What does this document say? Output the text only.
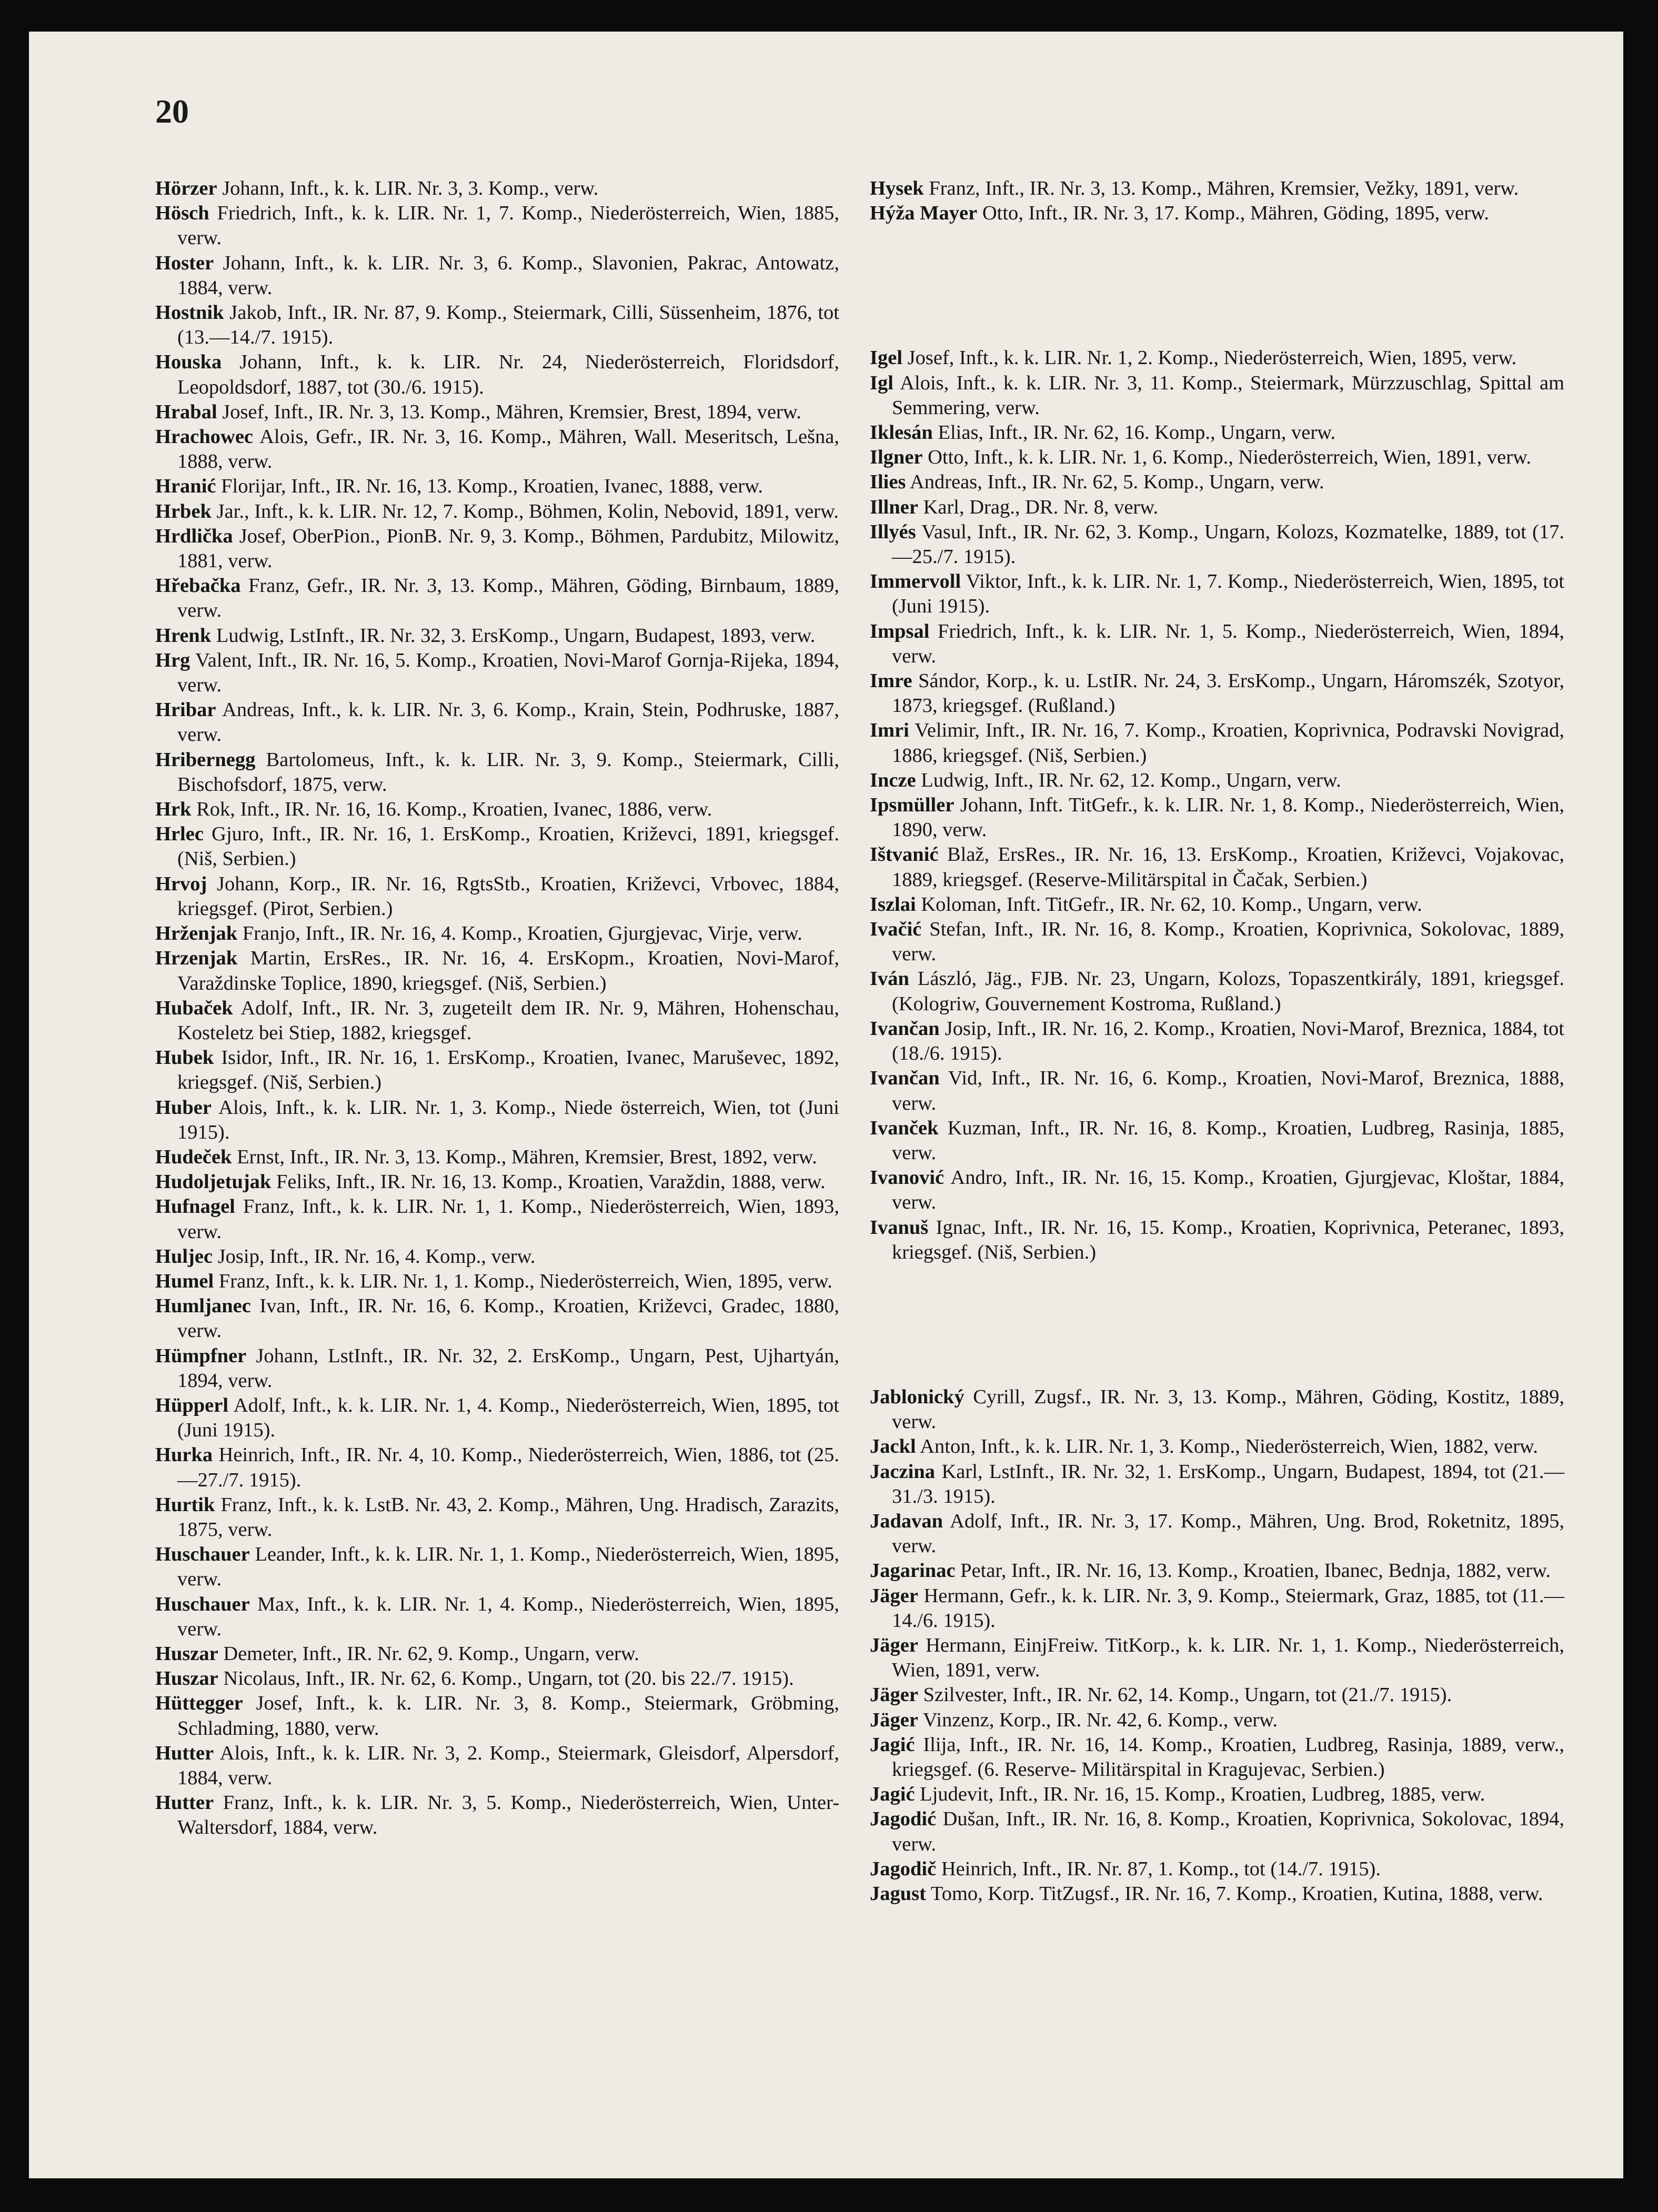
20
Hörzer Johann, Inft., k. k. LIR. Nr. 3, 3. Komp., verw.
Hösch Friedrich, Inft., k. k. LIR. Nr. 1, 7. Komp., Niederösterreich, Wien, 1885, verw.
Hoster Johann, Inft., k. k. LIR. Nr. 3, 6. Komp., Slavonien, Pakrac, Antowatz, 1884, verw.
Hostnik Jakob, Inft., IR. Nr. 87, 9. Komp., Steiermark, Cilli, Süssenheim, 1876, tot (13.—14./7. 1915).
Houska Johann, Inft., k. k. LIR. Nr. 24, Niederösterreich, Floridsdorf, Leopoldsdorf, 1887, tot (30./6. 1915).
Hrabal Josef, Inft., IR. Nr. 3, 13. Komp., Mähren, Kremsier, Brest, 1894, verw.
Hrachowec Alois, Gefr., IR. Nr. 3, 16. Komp., Mähren, Wall. Meseritsch, Lešna, 1888, verw.
Hranić Florijar, Inft., IR. Nr. 16, 13. Komp., Kroatien, Ivanec, 1888, verw.
Hrbek Jar., Inft., k. k. LIR. Nr. 12, 7. Komp., Böhmen, Kolin, Nebovid, 1891, verw.
Hrdlička Josef, OberPion., PionB. Nr. 9, 3. Komp., Böhmen, Pardubitz, Milowitz, 1881, verw.
Hřebačka Franz, Gefr., IR. Nr. 3, 13. Komp., Mähren, Göding, Birnbaum, 1889, verw.
Hrenk Ludwig, LstInft., IR. Nr. 32, 3. ErsKomp., Ungarn, Budapest, 1893, verw.
Hrg Valent, Inft., IR. Nr. 16, 5. Komp., Kroatien, Novi-Marof Gornja-Rijeka, 1894, verw.
Hribar Andreas, Inft., k. k. LIR. Nr. 3, 6. Komp., Krain, Stein, Podhruske, 1887, verw.
Hribernegg Bartolomeus, Inft., k. k. LIR. Nr. 3, 9. Komp., Steiermark, Cilli, Bischofsdorf, 1875, verw.
Hrk Rok, Inft., IR. Nr. 16, 16. Komp., Kroatien, Ivanec, 1886, verw.
Hrlec Gjuro, Inft., IR. Nr. 16, 1. ErsKomp., Kroatien, Križevci, 1891, kriegsgef. (Niš, Serbien.)
Hrvoj Johann, Korp., IR. Nr. 16, RgtsStb., Kroatien, Križevci, Vrbovec, 1884, kriegsgef. (Pirot, Serbien.)
Hrženjak Franjo, Inft., IR. Nr. 16, 4. Komp., Kroatien, Gjurgjevac, Virje, verw.
Hrzenjak Martin, ErsRes., IR. Nr. 16, 4. ErsKopm., Kroatien, Novi-Marof, Varaždinske Toplice, 1890, kriegsgef. (Niš, Serbien.)
Hubaček Adolf, Inft., IR. Nr. 3, zugeteilt dem IR. Nr. 9, Mähren, Hohenschau, Kosteletz bei Stiep, 1882, kriegsgef.
Hubek Isidor, Inft., IR. Nr. 16, 1. ErsKomp., Kroatien, Ivanec, Maruševec, 1892, kriegsgef. (Niš, Serbien.)
Huber Alois, Inft., k. k. LIR. Nr. 1, 3. Komp., Niede österreich, Wien, tot (Juni 1915).
Hudeček Ernst, Inft., IR. Nr. 3, 13. Komp., Mähren, Kremsier, Brest, 1892, verw.
Hudoljetujak Feliks, Inft., IR. Nr. 16, 13. Komp., Kroatien, Varaždin, 1888, verw.
Hufnagel Franz, Inft., k. k. LIR. Nr. 1, 1. Komp., Niederösterreich, Wien, 1893, verw.
Huljec Josip, Inft., IR. Nr. 16, 4. Komp., verw.
Humel Franz, Inft., k. k. LIR. Nr. 1, 1. Komp., Niederösterreich, Wien, 1895, verw.
Humljanec Ivan, Inft., IR. Nr. 16, 6. Komp., Kroatien, Križevci, Gradec, 1880, verw.
Hümpfner Johann, LstInft., IR. Nr. 32, 2. ErsKomp., Ungarn, Pest, Ujhartyán, 1894, verw.
Hüpperl Adolf, Inft., k. k. LIR. Nr. 1, 4. Komp., Niederösterreich, Wien, 1895, tot (Juni 1915).
Hurka Heinrich, Inft., IR. Nr. 4, 10. Komp., Niederösterreich, Wien, 1886, tot (25.—27./7. 1915).
Hurtik Franz, Inft., k. k. LstB. Nr. 43, 2. Komp., Mähren, Ung. Hradisch, Zarazits, 1875, verw.
Huschauer Leander, Inft., k. k. LIR. Nr. 1, 1. Komp., Niederösterreich, Wien, 1895, verw.
Huschauer Max, Inft., k. k. LIR. Nr. 1, 4. Komp., Niederösterreich, Wien, 1895, verw.
Huszar Demeter, Inft., IR. Nr. 62, 9. Komp., Ungarn, verw.
Huszar Nicolaus, Inft., IR. Nr. 62, 6. Komp., Ungarn, tot (20. bis 22./7. 1915).
Hüttegger Josef, Inft., k. k. LIR. Nr. 3, 8. Komp., Steiermark, Gröbming, Schladming, 1880, verw.
Hutter Alois, Inft., k. k. LIR. Nr. 3, 2. Komp., Steiermark, Gleisdorf, Alpersdorf, 1884, verw.
Hutter Franz, Inft., k. k. LIR. Nr. 3, 5. Komp., Niederösterreich, Wien, Unter-Waltersdorf, 1884, verw.
Hysek Franz, Inft., IR. Nr. 3, 13. Komp., Mähren, Kremsier, Vežky, 1891, verw.
Hýža Mayer Otto, Inft., IR. Nr. 3, 17. Komp., Mähren, Göding, 1895, verw.
Igel Josef, Inft., k. k. LIR. Nr. 1, 2. Komp., Niederösterreich, Wien, 1895, verw.
Igl Alois, Inft., k. k. LIR. Nr. 3, 11. Komp., Steiermark, Mürzzuschlag, Spittal am Semmering, verw.
Iklesán Elias, Inft., IR. Nr. 62, 16. Komp., Ungarn, verw.
Ilgner Otto, Inft., k. k. LIR. Nr. 1, 6. Komp., Niederösterreich, Wien, 1891, verw.
Ilies Andreas, Inft., IR. Nr. 62, 5. Komp., Ungarn, verw.
Illner Karl, Drag., DR. Nr. 8, verw.
Illyés Vasul, Inft., IR. Nr. 62, 3. Komp., Ungarn, Kolozs, Kozmatelke, 1889, tot (17.—25./7. 1915).
Immervoll Viktor, Inft., k. k. LIR. Nr. 1, 7. Komp., Niederösterreich, Wien, 1895, tot (Juni 1915).
Impsal Friedrich, Inft., k. k. LIR. Nr. 1, 5. Komp., Niederösterreich, Wien, 1894, verw.
Imre Sándor, Korp., k. u. LstIR. Nr. 24, 3. ErsKomp., Ungarn, Háromszék, Szotyor, 1873, kriegsgef. (Rußland.)
Imri Velimir, Inft., IR. Nr. 16, 7. Komp., Kroatien, Koprivnica, Podravski Novigrad, 1886, kriegsgef. (Niš, Serbien.)
Incze Ludwig, Inft., IR. Nr. 62, 12. Komp., Ungarn, verw.
Ipsmüller Johann, Inft. TitGefr., k. k. LIR. Nr. 1, 8. Komp., Niederösterreich, Wien, 1890, verw.
Ištvanić Blaž, ErsRes., IR. Nr. 16, 13. ErsKomp., Kroatien, Križevci, Vojakovac, 1889, kriegsgef. (Reserve-Militärspital in Čačak, Serbien.)
Iszlai Koloman, Inft. TitGefr., IR. Nr. 62, 10. Komp., Ungarn, verw.
Ivačić Stefan, Inft., IR. Nr. 16, 8. Komp., Kroatien, Koprivnica, Sokolovac, 1889, verw.
Iván László, Jäg., FJB. Nr. 23, Ungarn, Kolozs, Topaszentkirály, 1891, kriegsgef. (Kologriw, Gouvernement Kostroma, Rußland.)
Ivančan Josip, Inft., IR. Nr. 16, 2. Komp., Kroatien, Novi-Marof, Breznica, 1884, tot (18./6. 1915).
Ivančan Vid, Inft., IR. Nr. 16, 6. Komp., Kroatien, Novi-Marof, Breznica, 1888, verw.
Ivanček Kuzman, Inft., IR. Nr. 16, 8. Komp., Kroatien, Ludbreg, Rasinja, 1885, verw.
Ivanović Andro, Inft., IR. Nr. 16, 15. Komp., Kroatien, Gjurgjevac, Kloštar, 1884, verw.
Ivanuš Ignac, Inft., IR. Nr. 16, 15. Komp., Kroatien, Koprivnica, Peteranec, 1893, kriegsgef. (Niš, Serbien.)
Jablonický Cyrill, Zugsf., IR. Nr. 3, 13. Komp., Mähren, Göding, Kostitz, 1889, verw.
Jackl Anton, Inft., k. k. LIR. Nr. 1, 3. Komp., Niederösterreich, Wien, 1882, verw.
Jaczina Karl, LstInft., IR. Nr. 32, 1. ErsKomp., Ungarn, Budapest, 1894, tot (21.—31./3. 1915).
Jadavan Adolf, Inft., IR. Nr. 3, 17. Komp., Mähren, Ung. Brod, Roketnitz, 1895, verw.
Jagarinac Petar, Inft., IR. Nr. 16, 13. Komp., Kroatien, Ibanec, Bednja, 1882, verw.
Jäger Hermann, Gefr., k. k. LIR. Nr. 3, 9. Komp., Steiermark, Graz, 1885, tot (11.—14./6. 1915).
Jäger Hermann, EinjFreiw. TitKorp., k. k. LIR. Nr. 1, 1. Komp., Niederösterreich, Wien, 1891, verw.
Jäger Szilvester, Inft., IR. Nr. 62, 14. Komp., Ungarn, tot (21./7. 1915).
Jäger Vinzenz, Korp., IR. Nr. 42, 6. Komp., verw.
Jagić Ilija, Inft., IR. Nr. 16, 14. Komp., Kroatien, Ludbreg, Rasinja, 1889, verw., kriegsgef. (6. Reserve- Militärspital in Kragujevac, Serbien.)
Jagić Ljudevit, Inft., IR. Nr. 16, 15. Komp., Kroatien, Ludbreg, 1885, verw.
Jagodić Dušan, Inft., IR. Nr. 16, 8. Komp., Kroatien, Koprivnica, Sokolovac, 1894, verw.
Jagodič Heinrich, Inft., IR. Nr. 87, 1. Komp., tot (14./7. 1915).
Jagust Tomo, Korp. TitZugsf., IR. Nr. 16, 7. Komp., Kroatien, Kutina, 1888, verw.
